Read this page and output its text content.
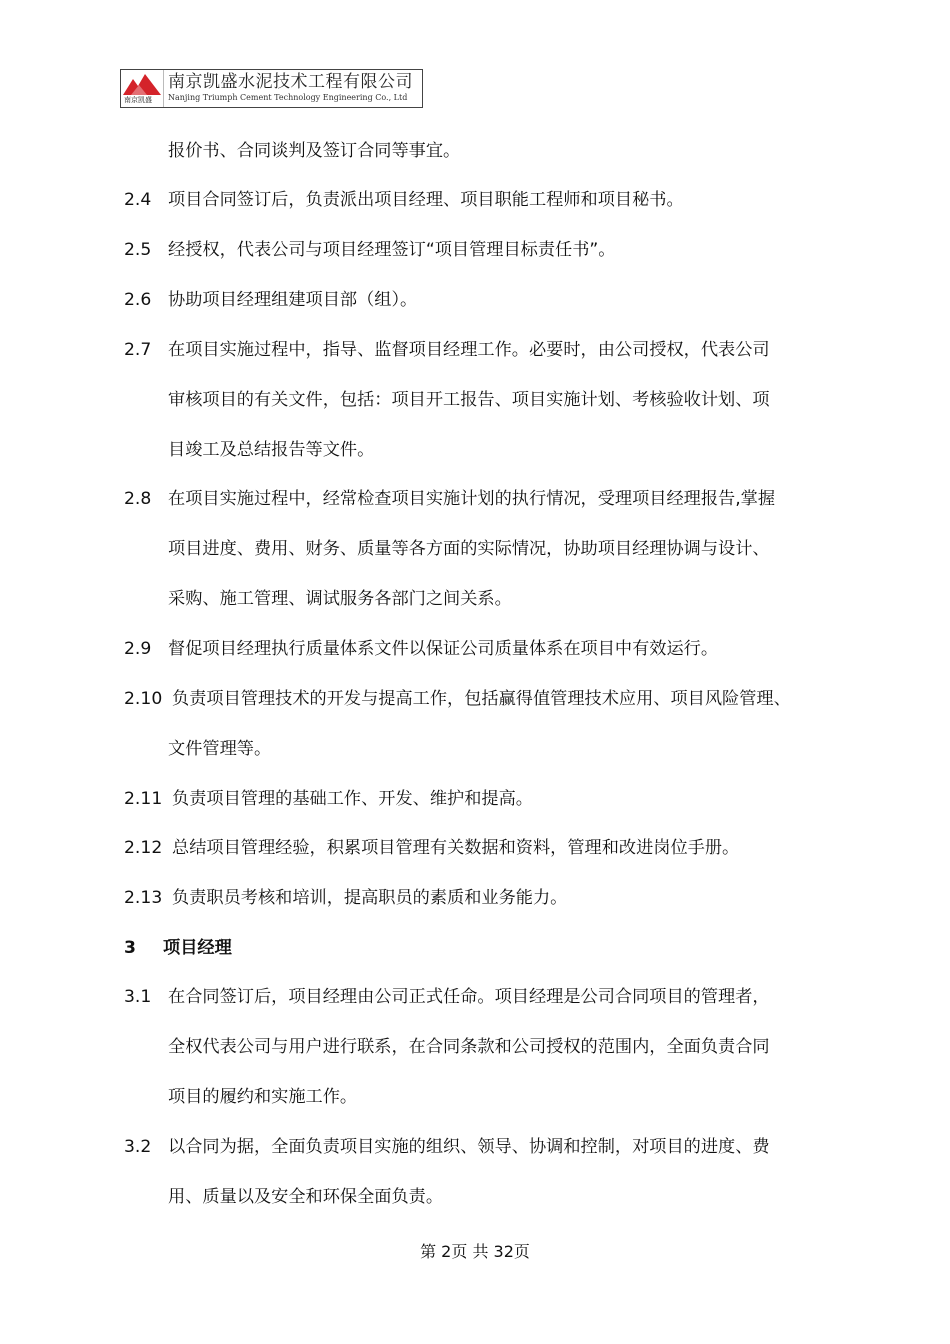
南京凯盛
南京凯盛水泥技术工程有限公司
Nanjing Triumph Cement Technology Engineering Co., Ltd
报价书、合同谈判及签订合同等事宜。
2.4 项目合同签订后，负责派出项目经理、项目职能工程师和项目秘书。
2.5 经授权，代表公司与项目经理签订“项目管理目标责任书”。
2.6 协助项目经理组建项目部（组）。
2.7 在项目实施过程中，指导、监督项目经理工作。必要时，由公司授权，代表公司
审核项目的有关文件，包括：项目开工报告、项目实施计划、考核验收计划、项
目竣工及总结报告等文件。
2.8 在项目实施过程中，经常检查项目实施计划的执行情况，受理项目经理报告,掌握
项目进度、费用、财务、质量等各方面的实际情况，协助项目经理协调与设计、
采购、施工管理、调试服务各部门之间关系。
2.9 督促项目经理执行质量体系文件以保证公司质量体系在项目中有效运行。
2.10 负责项目管理技术的开发与提高工作，包括赢得值管理技术应用、项目风险管理、
文件管理等。
2.11 负责项目管理的基础工作、开发、维护和提高。
2.12 总结项目管理经验，积累项目管理有关数据和资料，管理和改进岗位手册。
2.13 负责职员考核和培训，提高职员的素质和业务能力。
3 项目经理
3.1 在合同签订后，项目经理由公司正式任命。项目经理是公司合同项目的管理者，
全权代表公司与用户进行联系，在合同条款和公司授权的范围内，全面负责合同
项目的履约和实施工作。
3.2 以合同为据，全面负责项目实施的组织、领导、协调和控制，对项目的进度、费
用、质量以及安全和环保全面负责。
第 2页 共 32页
